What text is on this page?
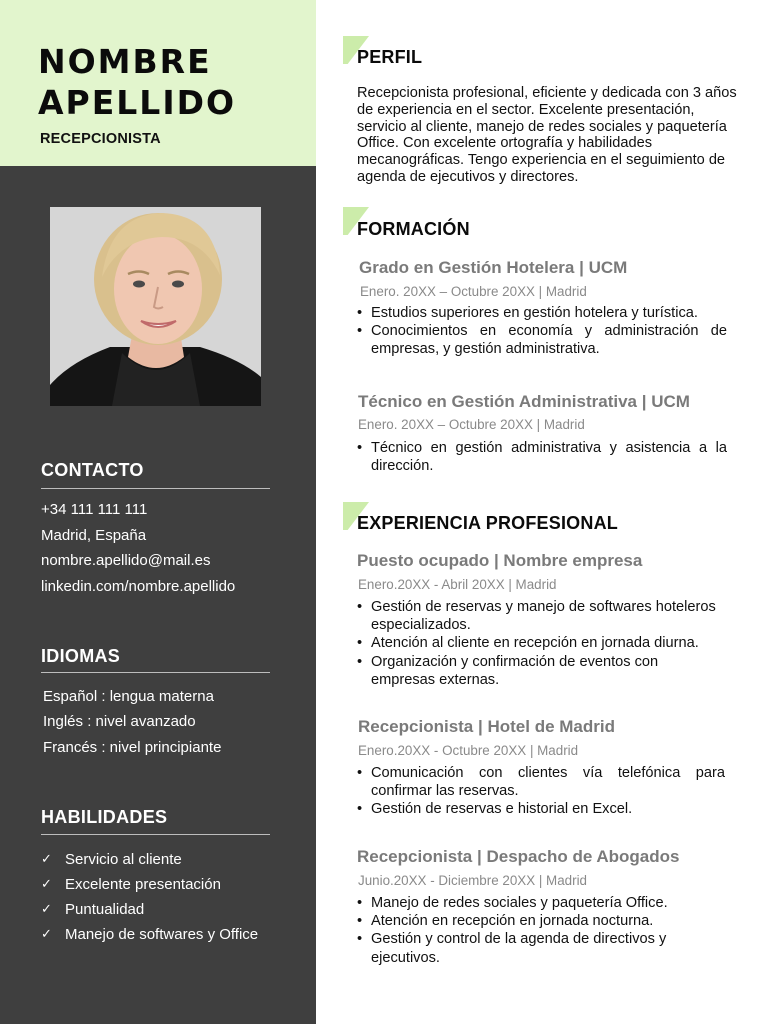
NOMBRE
APELLIDO
RECEPCIONISTA
CONTACTO
+34 111 111 111
Madrid, España
nombre.apellido@mail.es
linkedin.com/nombre.apellido
IDIOMAS
Español : lengua materna
Inglés : nivel avanzado
Francés : nivel principiante
HABILIDADES
✓ Servicio al cliente
✓ Excelente presentación
✓ Puntualidad
✓ Manejo de softwares y Office
PERFIL
Recepcionista profesional, eficiente y dedicada con 3 años de experiencia en el sector. Excelente presentación, servicio al cliente, manejo de redes sociales y paquetería Office. Con excelente ortografía y habilidades mecanográficas. Tengo experiencia en el seguimiento de agenda de ejecutivos y directores.
FORMACIÓN
Grado en Gestión Hotelera | UCM
Enero. 20XX – Octubre 20XX | Madrid
• Estudios superiores en gestión hotelera y turística.
• Conocimientos en economía y administración de empresas, y gestión administrativa.
Técnico en Gestión Administrativa | UCM
Enero. 20XX – Octubre 20XX | Madrid
• Técnico en gestión administrativa y asistencia a la dirección.
EXPERIENCIA PROFESIONAL
Puesto ocupado | Nombre empresa
Enero.20XX - Abril 20XX | Madrid
• Gestión de reservas y manejo de softwares hoteleros especializados.
• Atención al cliente en recepción en jornada diurna.
• Organización y confirmación de eventos con empresas externas.
Recepcionista | Hotel de Madrid
Enero.20XX - Octubre 20XX | Madrid
• Comunicación con clientes vía telefónica para confirmar las reservas.
• Gestión de reservas e historial en Excel.
Recepcionista | Despacho de Abogados
Junio.20XX - Diciembre 20XX | Madrid
• Manejo de redes sociales y paquetería Office.
• Atención en recepción en jornada nocturna.
• Gestión y control de la agenda de directivos y ejecutivos.
